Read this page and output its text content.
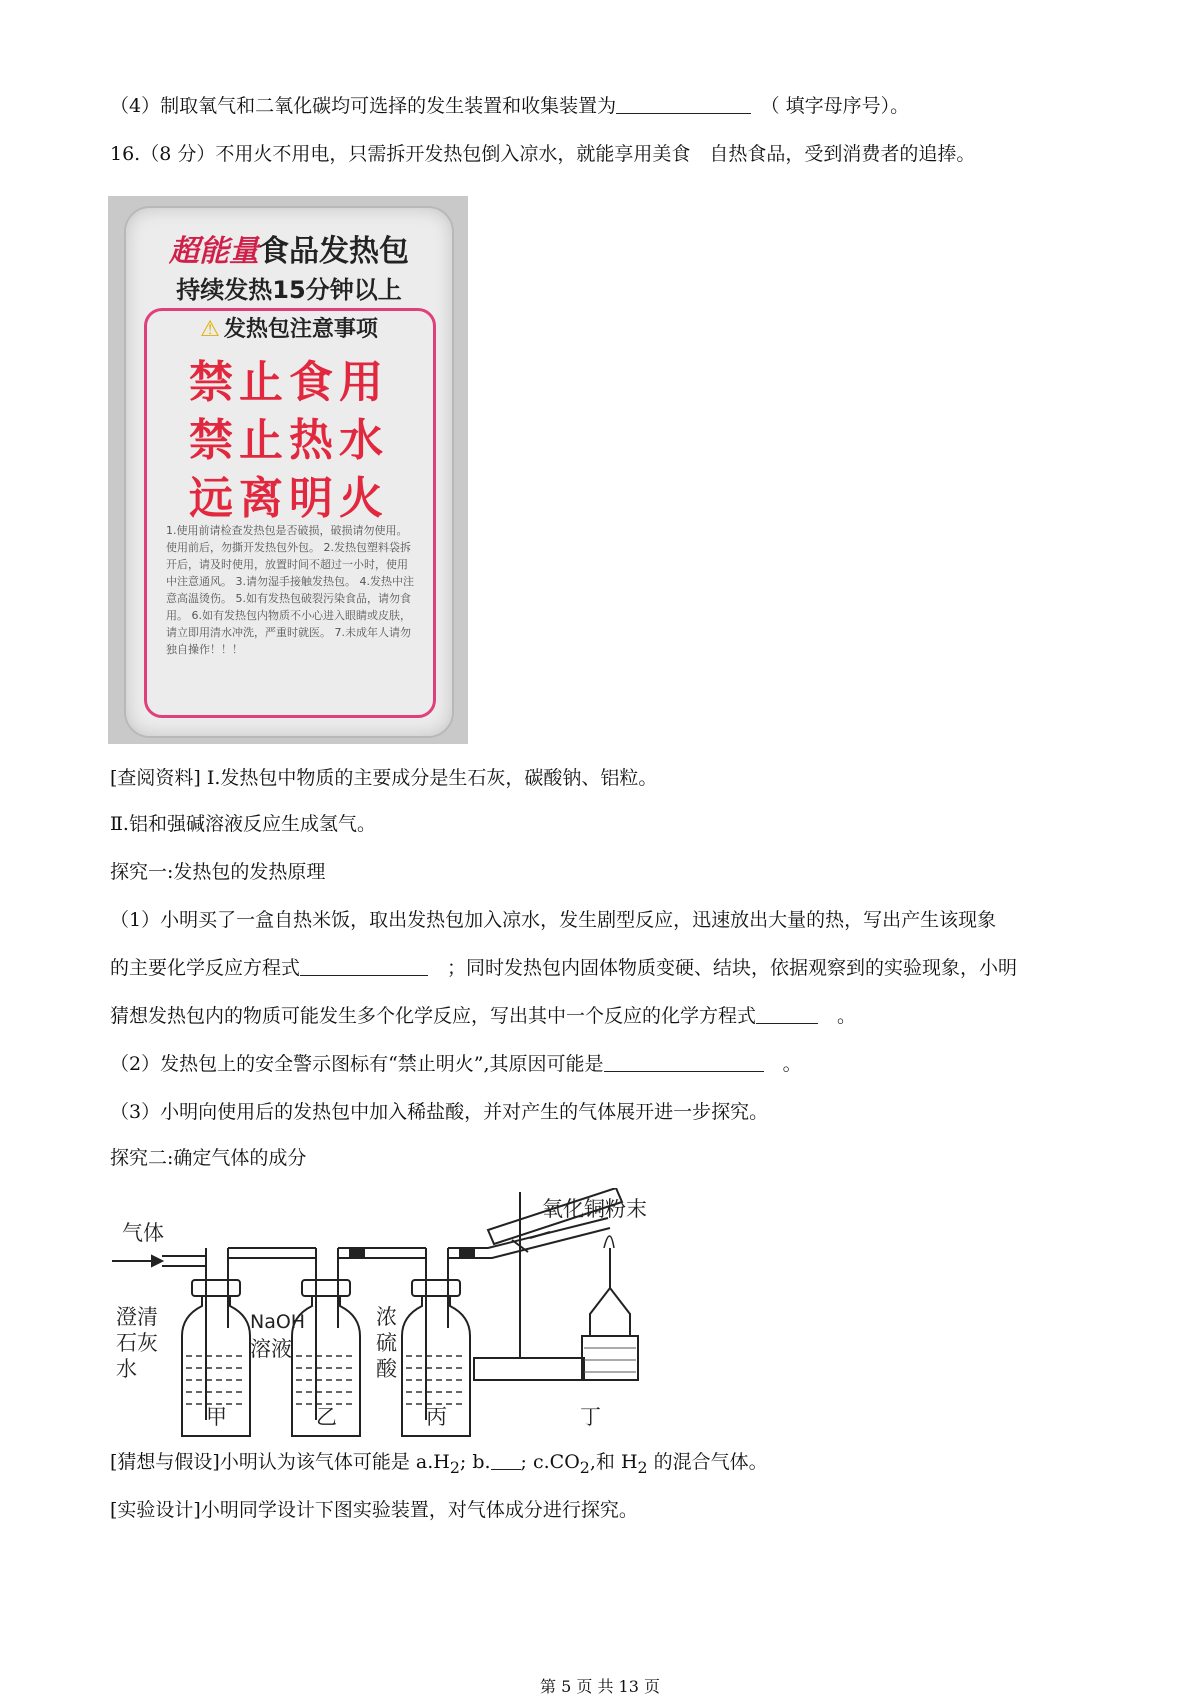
（4）制取氧气和二氧化碳均可选择的发生装置和收集装置为　	（ 填字母序号）。
16.（8 分）不用火不用电，只需拆开发热包倒入凉水，就能享用美食　自热食品，受到消费者的追捧。
超能量食品发热包
持续发热15分钟以上
⚠ 发热包注意事项
禁止食用
禁止热水
远离明火
1.使用前请检查发热包是否破损，破损请勿使用。使用前后，勿撕开发热包外包。 2.发热包塑料袋拆开后，请及时使用，放置时间不超过一小时，使用中注意通风。 3.请勿湿手接触发热包。 4.发热中注意高温烫伤。 5.如有发热包破裂污染食品，请勿食用。 6.如有发热包内物质不小心进入眼睛或皮肤，请立即用清水冲洗，严重时就医。 7.未成年人请勿独自操作！！！
[查阅资料] I.发热包中物质的主要成分是生石灰，碳酸钠、铝粒。
Ⅱ.铝和强碱溶液反应生成氢气。
探究一:发热包的发热原理
（1）小明买了一盒自热米饭，取出发热包加入凉水，发生剧型反应，迅速放出大量的热，写出产生该现象
的主要化学反应方程式　	；同时发热包内固体物质变硬、结块，依据观察到的实验现象，小明
猜想发热包内的物质可能发生多个化学反应，写出其中一个反应的化学方程式　	。
（2）发热包上的安全警示图标有“禁止明火”,其原因可能是　	。
（3）小明向使用后的发热包中加入稀盐酸，并对产生的气体展开进一步探究。
探究二:确定气体的成分
气体
氧化铜粉末
澄清
石灰
水
NaOH
溶液
浓
硫
酸
甲	乙	丙	丁
[猜想与假设]小明认为该气体可能是 $a.H_2$; b. ; $c.CO_2$,和 $H_2$ 的混合气体。
[实验设计]小明同学设计下图实验装置，对气体成分进行探究。
第 5 页 共 13 页
